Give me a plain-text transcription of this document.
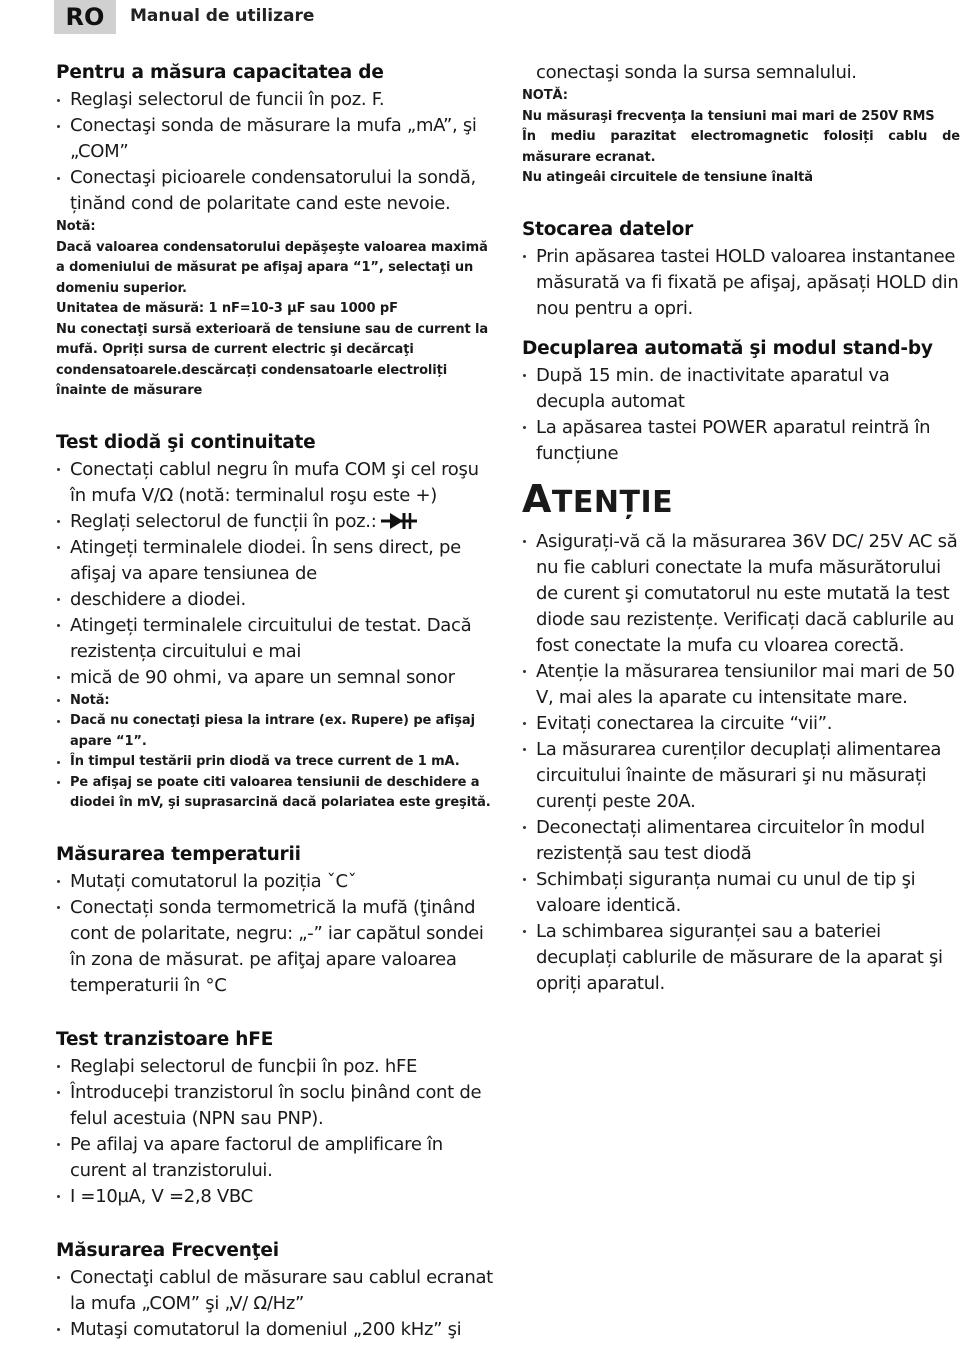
RO	Manual de utilizare
Pentru a măsura capacitatea de
Reglaşi selectorul de funcii în poz. F.
Conectaşi sonda de măsurare la mufa „mA”, şi „COM”
Conectaşi picioarele condensatorului la sondă, ținănd cond de polaritate cand este nevoie.

Notă:

Dacă valoarea condensatorului depăşeşte valoarea maximă a domeniului de măsurat pe afişaj apara “1”, selectaţi un domeniu superior.

Unitatea de măsură: 1 nF=10-3 µF sau 1000 pF

Nu conectaţi sursă exterioară de tensiune sau de current la mufă. Opriți sursa de current electric şi decărcaţi condensatoarele.descărcați condensatoarle electroliți înainte de măsurare

Test diodă şi continuitate
Conectați cablul negru în mufa COM şi cel roşu în mufa V/Ω (notă: terminalul roşu este +)
Reglați selectorul de funcții în poz.:
Atingeți terminalele diodei. În sens direct, pe afişaj va apare tensiunea de
deschidere a diodei.
Atingeți terminalele circuitului de testat. Dacă rezistența circuitului e mai
mică de 90 ohmi, va apare un semnal sonor
Notă:
Dacă nu conectaţi piesa la intrare (ex. Rupere) pe afişaj apare “1”.
În timpul testării prin diodă va trece current de 1 mA.
Pe afişaj se poate citi valoarea tensiunii de deschidere a diodei în mV, şi suprasarcină dacă polariatea este greşită.
Măsurarea temperaturii
Mutați comutatorul la poziția ˇCˇ
Conectați sonda termometrică la mufă (ţinând cont de polaritate, negru: „-” iar capătul sondei în zona de măsurat. pe afiţaj apare valoarea temperaturii în °C
Test tranzistoare hFE
Reglaþi selectorul de funcþii în poz. hFE
Întroduceþi tranzistorul în soclu þinând cont de felul acestuia (NPN sau PNP).
Pe afilaj va apare factorul de amplificare în curent al tranzistorului.
I =10µA, V =2,8 VBC
Măsurarea Frecvenţei
Conectaţi cablul de măsurare sau cablul ecranat la mufa „COM” şi „V/ Ω/Hz”
Mutaşi comutatorul la domeniul „200 kHz” şi

conectaşi sonda la sursa semnalului.

NOTĂ:

Nu măsuraşi frecvenţa la tensiuni mai mari de 250V RMS

În mediu parazitat electromagnetic folosiți cablu de măsurare ecranat.

Nu atingeâi circuitele de tensiune înaltă

Stocarea datelor
Prin apăsarea tastei HOLD valoarea instantanee măsurată va fi fixată pe afişaj, apăsați HOLD din nou pentru a opri.
Decuplarea automată şi modul stand-by
După 15 min. de inactivitate aparatul va decupla automat
La apăsarea tastei POWER aparatul reintră în funcțiune
ATENȚIE
Asigurați-vă că la măsurarea 36V DC/ 25V AC să nu fie cabluri conectate la mufa măsurătorului de curent şi comutatorul nu este mutată la test diode sau rezistențe. Verificați dacă cablurile au fost conectate la mufa cu vloarea corectă.
Atenție la măsurarea tensiunilor mai mari de 50 V, mai ales la aparate cu intensitate mare.
Evitați conectarea la circuite “vii”.
La măsurarea curenților decuplați alimentarea circuitului înainte de măsurari şi nu măsurați curenți peste 20A.
Deconectați alimentarea circuitelor în modul rezistență sau test diodă
Schimbați siguranța numai cu unul de tip şi valoare identică.
La schimbarea siguranței sau a bateriei decuplați cablurile de măsurare de la aparat şi opriți aparatul.
